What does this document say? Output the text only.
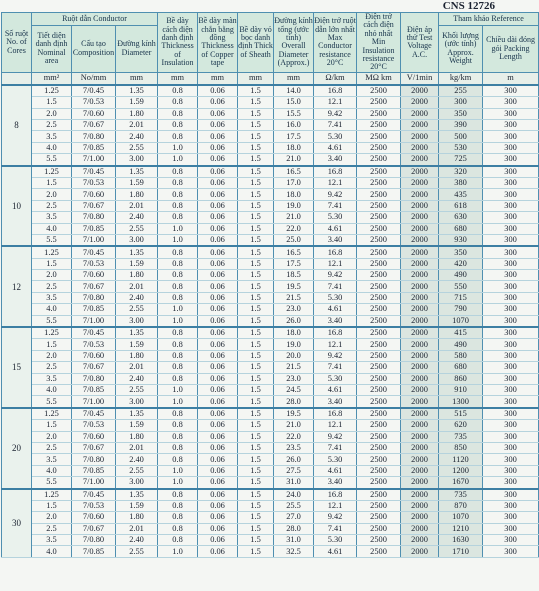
CNS 12726
Số ruột No. of Cores	Ruột dẫn Conductor			Bề dày cách điện danh định Thickness of Insulation	Bề dày màn chắn bằng đồng Thickness of Copper tape	Bề dày vỏ bọc danh định Thick of Sheath	Đường kính tổng (ước tính) Overall Diameter (Approx.)	Điện trở ruột dẫn lớn nhất Max Conductor resistance 20°C	Điện trở cách điện nhỏ nhất Min Insulation resistance 20°C	Điện áp thử Test Voltage A.C.	Tham khảo Reference	
	Tiết diện danh định Nominal area	Cấu tạo Composition	Đường kính Diameter								Khối lượng (ước tính) Approx. Weight	Chiều dài đóng gói Packing Length
	mm²	No/mm	mm	mm	mm	mm	mm	Ω/km	MΩ km	V/1min	kg/km	m
8	1.25	7/0.45	1.35	0.8	0.06	1.5	14.0	16.8	2500	2000	255	300
	1.5	7/0.53	1.59	0.8	0.06	1.5	15.0	12.1	2500	2000	300	300
	2.0	7/0.60	1.80	0.8	0.06	1.5	15.5	9.42	2500	2000	350	300
	2.5	7/0.67	2.01	0.8	0.06	1.5	16.0	7.41	2500	2000	390	300
	3.5	7/0.80	2.40	0.8	0.06	1.5	17.5	5.30	2500	2000	500	300
	4.0	7/0.85	2.55	1.0	0.06	1.5	18.0	4.61	2500	2000	530	300
	5.5	7/1.00	3.00	1.0	0.06	1.5	21.0	3.40	2500	2000	725	300
10	1.25	7/0.45	1.35	0.8	0.06	1.5	16.5	16.8	2500	2000	320	300
	1.5	7/0.53	1.59	0.8	0.06	1.5	17.0	12.1	2500	2000	380	300
	2.0	7/0.60	1.80	0.8	0.06	1.5	18.0	9.42	2500	2000	435	300
	2.5	7/0.67	2.01	0.8	0.06	1.5	19.0	7.41	2500	2000	618	300
	3.5	7/0.80	2.40	0.8	0.06	1.5	21.0	5.30	2500	2000	630	300
	4.0	7/0.85	2.55	1.0	0.06	1.5	22.0	4.61	2500	2000	680	300
	5.5	7/1.00	3.00	1.0	0.06	1.5	25.0	3.40	2500	2000	930	300
12	1.25	7/0.45	1.35	0.8	0.06	1.5	16.5	16.8	2500	2000	350	300
	1.5	7/0.53	1.59	0.8	0.06	1.5	17.5	12.1	2500	2000	420	300
	2.0	7/0.60	1.80	0.8	0.06	1.5	18.5	9.42	2500	2000	490	300
	2.5	7/0.67	2.01	0.8	0.06	1.5	19.5	7.41	2500	2000	550	300
	3.5	7/0.80	2.40	0.8	0.06	1.5	21.5	5.30	2500	2000	715	300
	4.0	7/0.85	2.55	1.0	0.06	1.5	23.0	4.61	2500	2000	790	300
	5.5	7/1.00	3.00	1.0	0.06	1.5	26.0	3.40	2500	2000	1070	300
15	1.25	7/0.45	1.35	0.8	0.06	1.5	18.0	16.8	2500	2000	415	300
	1.5	7/0.53	1.59	0.8	0.06	1.5	19.0	12.1	2500	2000	490	300
	2.0	7/0.60	1.80	0.8	0.06	1.5	20.0	9.42	2500	2000	580	300
	2.5	7/0.67	2.01	0.8	0.06	1.5	21.5	7.41	2500	2000	680	300
	3.5	7/0.80	2.40	0.8	0.06	1.5	23.0	5.30	2500	2000	860	300
	4.0	7/0.85	2.55	1.0	0.06	1.5	24.5	4.61	2500	2000	910	300
	5.5	7/1.00	3.00	1.0	0.06	1.5	28.0	3.40	2500	2000	1300	300
20	1.25	7/0.45	1.35	0.8	0.06	1.5	19.5	16.8	2500	2000	515	300
	1.5	7/0.53	1.59	0.8	0.06	1.5	21.0	12.1	2500	2000	620	300
	2.0	7/0.60	1.80	0.8	0.06	1.5	22.0	9.42	2500	2000	735	300
	2.5	7/0.67	2.01	0.8	0.06	1.5	23.5	7.41	2500	2000	850	300
	3.5	7/0.80	2.40	0.8	0.06	1.5	26.0	5.30	2500	2000	1120	300
	4.0	7/0.85	2.55	1.0	0.06	1.5	27.5	4.61	2500	2000	1200	300
	5.5	7/1.00	3.00	1.0	0.06	1.5	31.0	3.40	2500	2000	1670	300
30	1.25	7/0.45	1.35	0.8	0.06	1.5	24.0	16.8	2500	2000	735	300
	1.5	7/0.53	1.59	0.8	0.06	1.5	25.5	12.1	2500	2000	870	300
	2.0	7/0.60	1.80	0.8	0.06	1.5	27.0	9.42	2500	2000	1070	300
	2.5	7/0.67	2.01	0.8	0.06	1.5	28.0	7.41	2500	2000	1210	300
	3.5	7/0.80	2.40	0.8	0.06	1.5	31.0	5.30	2500	2000	1630	300
	4.0	7/0.85	2.55	1.0	0.06	1.5	32.5	4.61	2500	2000	1710	300
